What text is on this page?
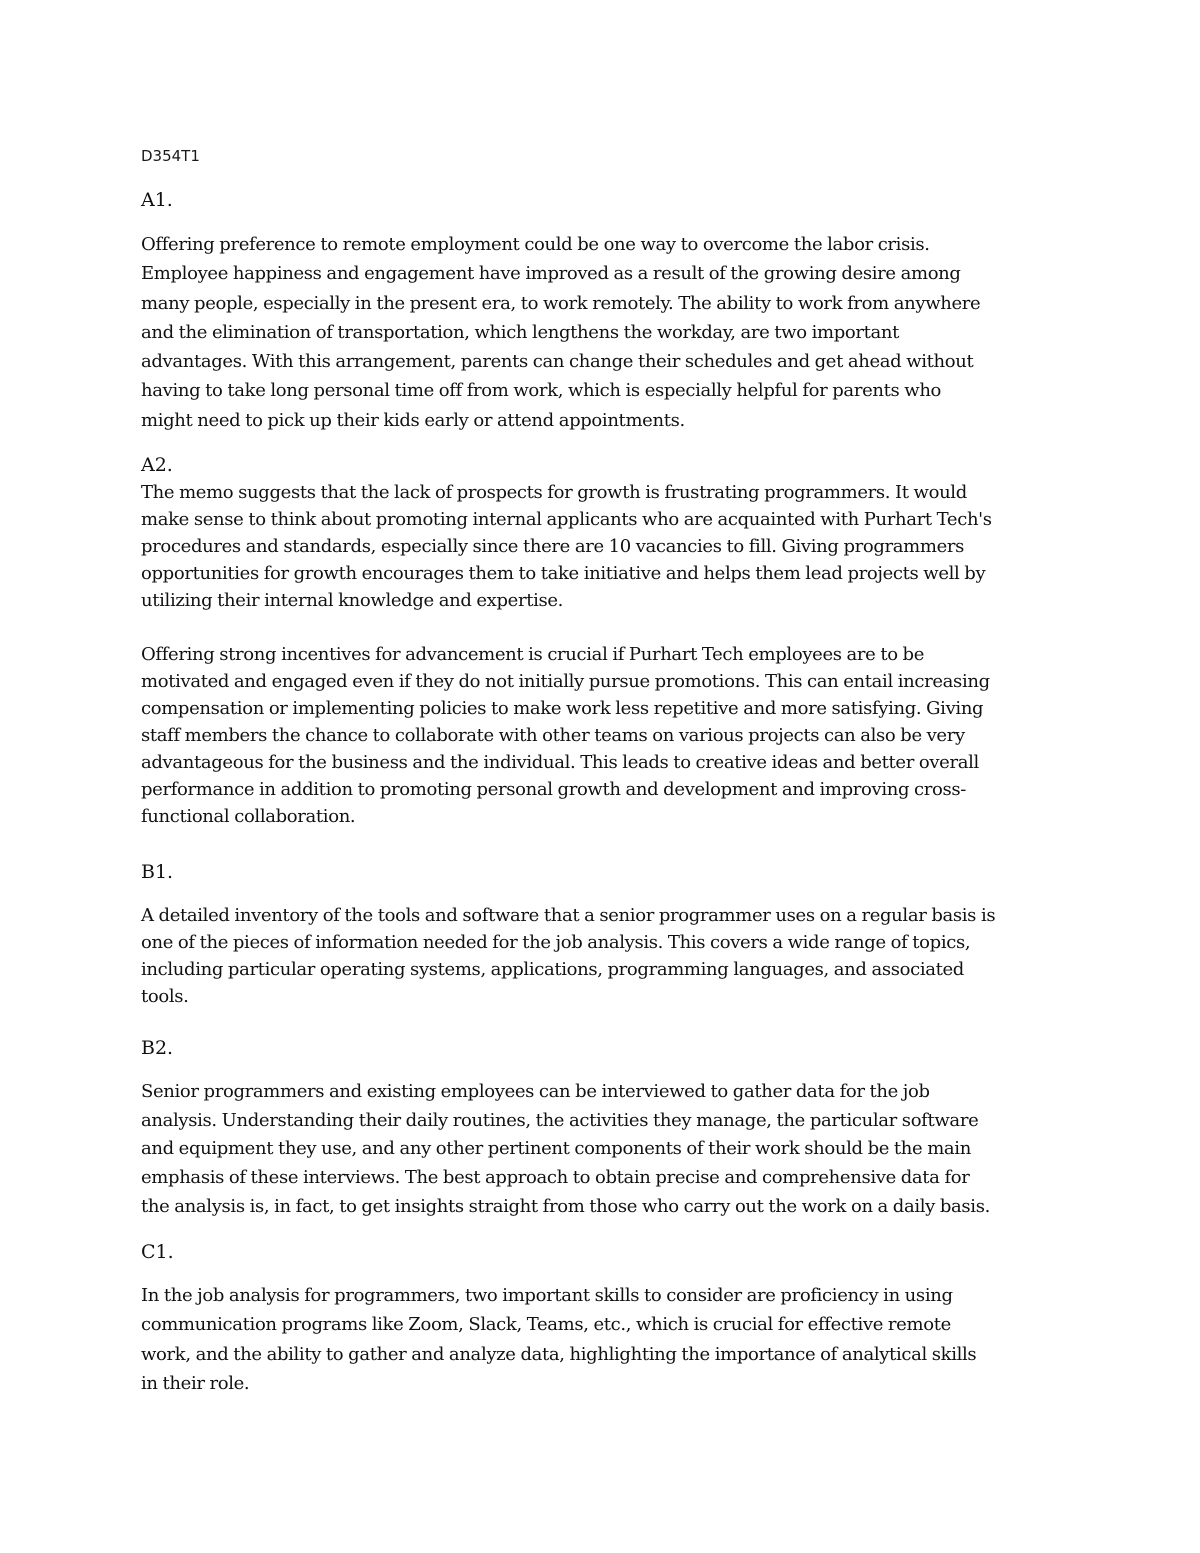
D354T1

A1.

Offering preference to remote employment could be one way to overcome the labor crisis.
Employee happiness and engagement have improved as a result of the growing desire among
many people, especially in the present era, to work remotely. The ability to work from anywhere
and the elimination of transportation, which lengthens the workday, are two important
advantages. With this arrangement, parents can change their schedules and get ahead without
having to take long personal time off from work, which is especially helpful for parents who
might need to pick up their kids early or attend appointments.

A2.

The memo suggests that the lack of prospects for growth is frustrating programmers. It would
make sense to think about promoting internal applicants who are acquainted with Purhart Tech's
procedures and standards, especially since there are 10 vacancies to fill. Giving programmers
opportunities for growth encourages them to take initiative and helps them lead projects well by
utilizing their internal knowledge and expertise.

Offering strong incentives for advancement is crucial if Purhart Tech employees are to be
motivated and engaged even if they do not initially pursue promotions. This can entail increasing
compensation or implementing policies to make work less repetitive and more satisfying. Giving
staff members the chance to collaborate with other teams on various projects can also be very
advantageous for the business and the individual. This leads to creative ideas and better overall
performance in addition to promoting personal growth and development and improving cross-
functional collaboration.

B1.

A detailed inventory of the tools and software that a senior programmer uses on a regular basis is
one of the pieces of information needed for the job analysis. This covers a wide range of topics,
including particular operating systems, applications, programming languages, and associated
tools.

B2.

Senior programmers and existing employees can be interviewed to gather data for the job
analysis. Understanding their daily routines, the activities they manage, the particular software
and equipment they use, and any other pertinent components of their work should be the main
emphasis of these interviews. The best approach to obtain precise and comprehensive data for
the analysis is, in fact, to get insights straight from those who carry out the work on a daily basis.

C1.

In the job analysis for programmers, two important skills to consider are proficiency in using
communication programs like Zoom, Slack, Teams, etc., which is crucial for effective remote
work, and the ability to gather and analyze data, highlighting the importance of analytical skills
in their role.
